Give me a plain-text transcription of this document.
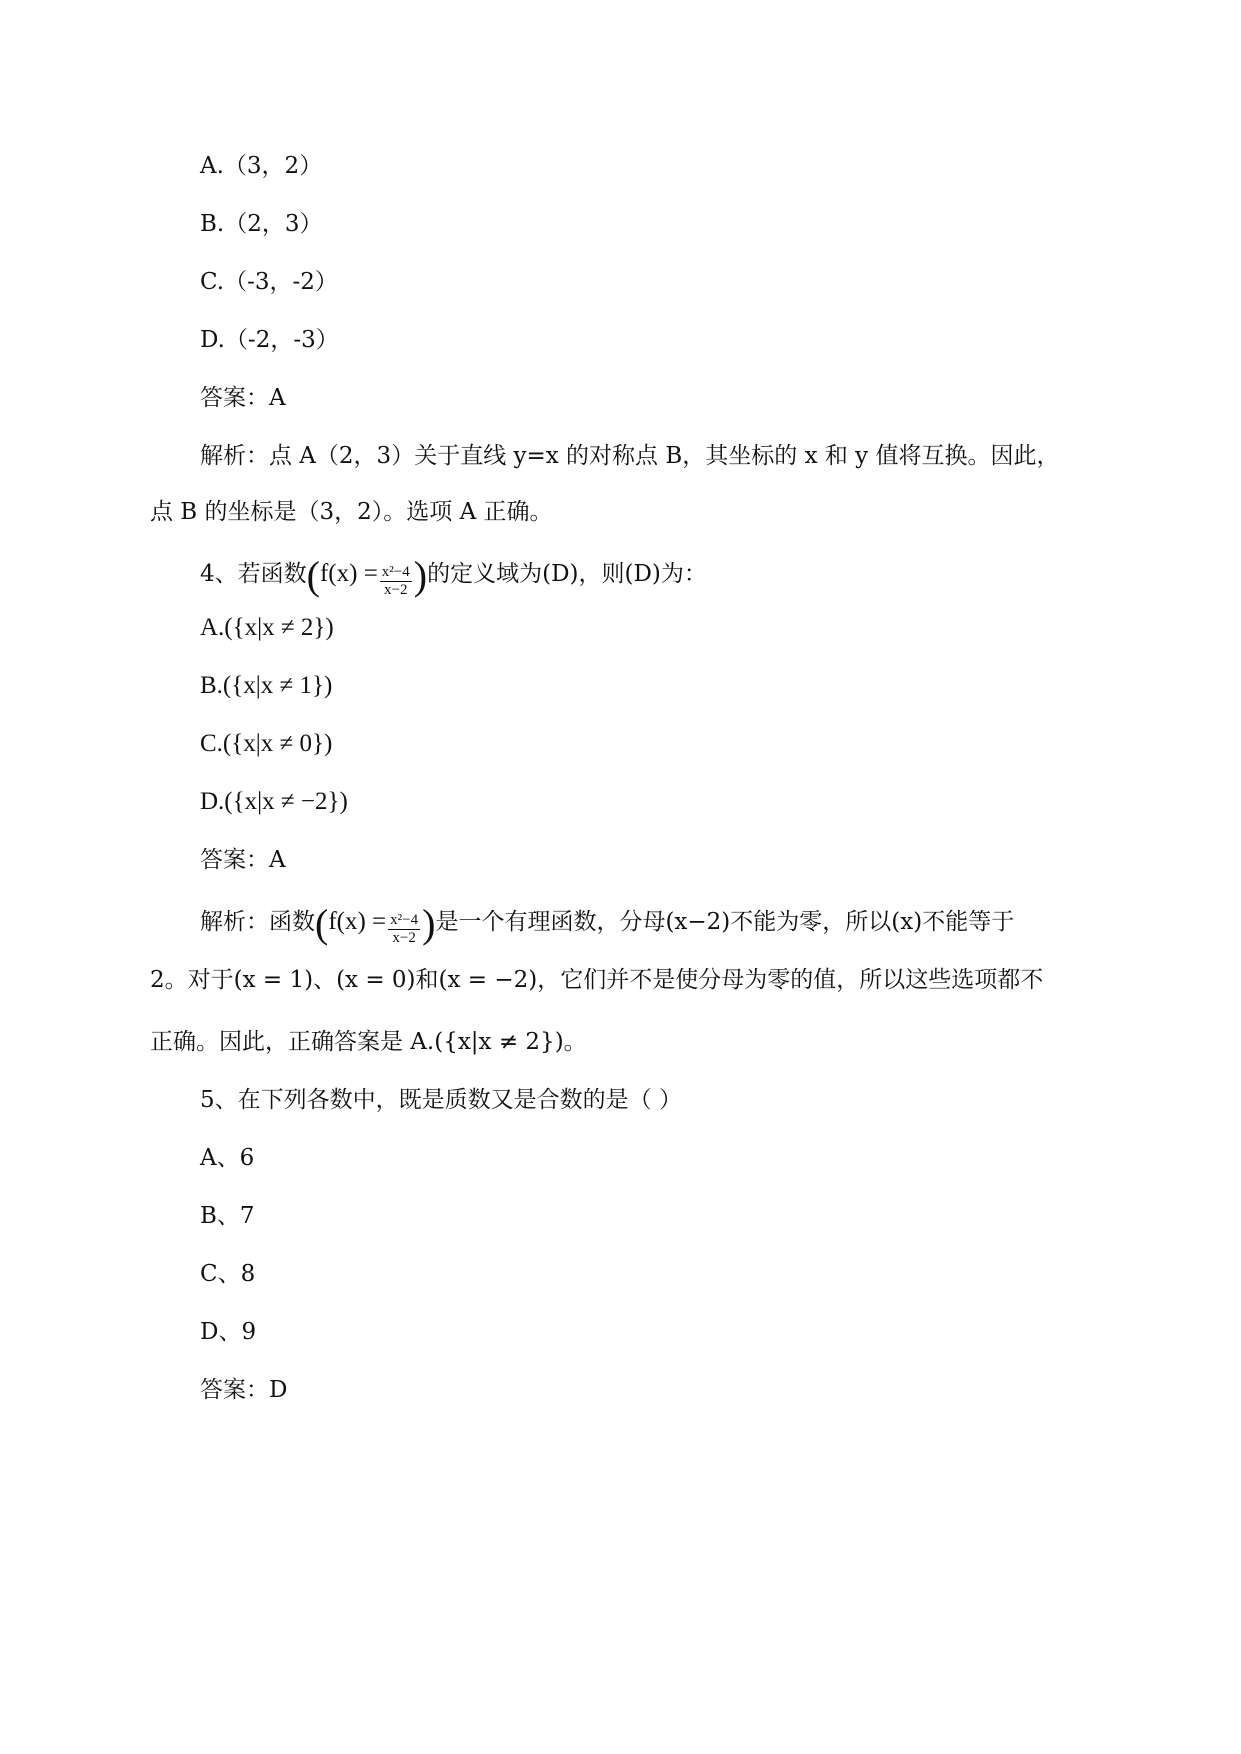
A.（3，2）
B.（2，3）
C.（-3，-2）
D.（-2，-3）
答案：A
解析：点 A（2，3）关于直线 y=x 的对称点 B，其坐标的 x 和 y 值将互换。因此，
点 B 的坐标是（3，2）。选项 A 正确。
4、若函数($f(x) = \frac{\text{x²−4}}{x-2}$ )的定义域为(D)，则(D)为：
A.({x|x ≠ 2})
B.({x|x ≠ 1})
C.({x|x ≠ 0})
D.({x|x ≠ −2})
答案：A
解析：函数($f(x) = \frac{\text{x²−4}}{x-2}$ )是一个有理函数，分母(x−2)不能为零，所以(x)不能等于
2。对于(x = 1)、(x = 0)和(x = −2)，它们并不是使分母为零的值，所以这些选项都不
正确。因此，正确答案是 A.({x|x ≠ 2})。
5、在下列各数中，既是质数又是合数的是（ ）
A、6
B、7
C、8
D、9
答案：D
